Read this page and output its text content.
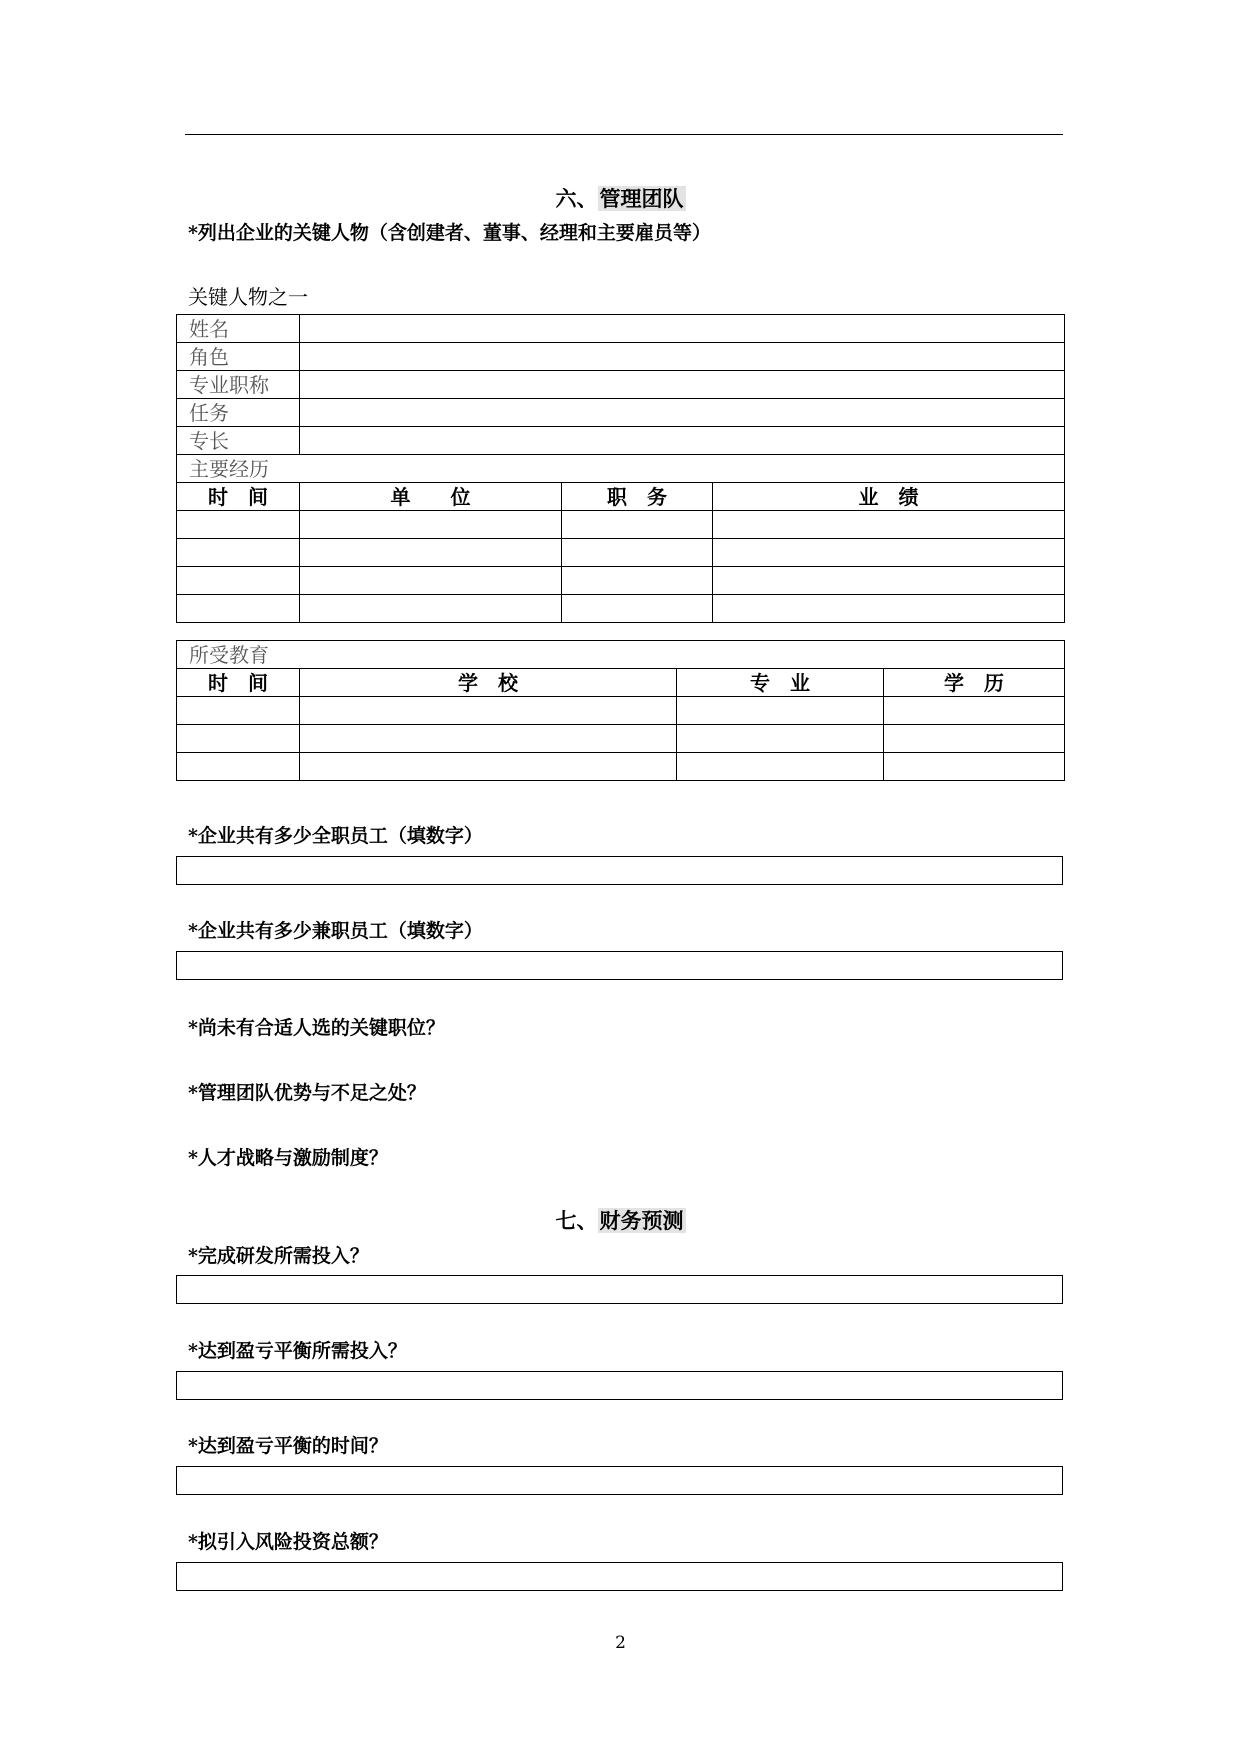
六、管理团队
*列出企业的关键人物（含创建者、董事、经理和主要雇员等）
关键人物之一
姓名			
角色			
专业职称			
任务			
专长			
主要经历			
时　间	单　　位	职　务	业　绩

所受教育			
时　间	学　校	专　业	学　历

*企业共有多少全职员工（填数字）
*企业共有多少兼职员工（填数字）
*尚未有合适人选的关键职位？
*管理团队优势与不足之处？
*人才战略与激励制度？
七、财务预测
*完成研发所需投入？
*达到盈亏平衡所需投入？
*达到盈亏平衡的时间？
*拟引入风险投资总额？
2
